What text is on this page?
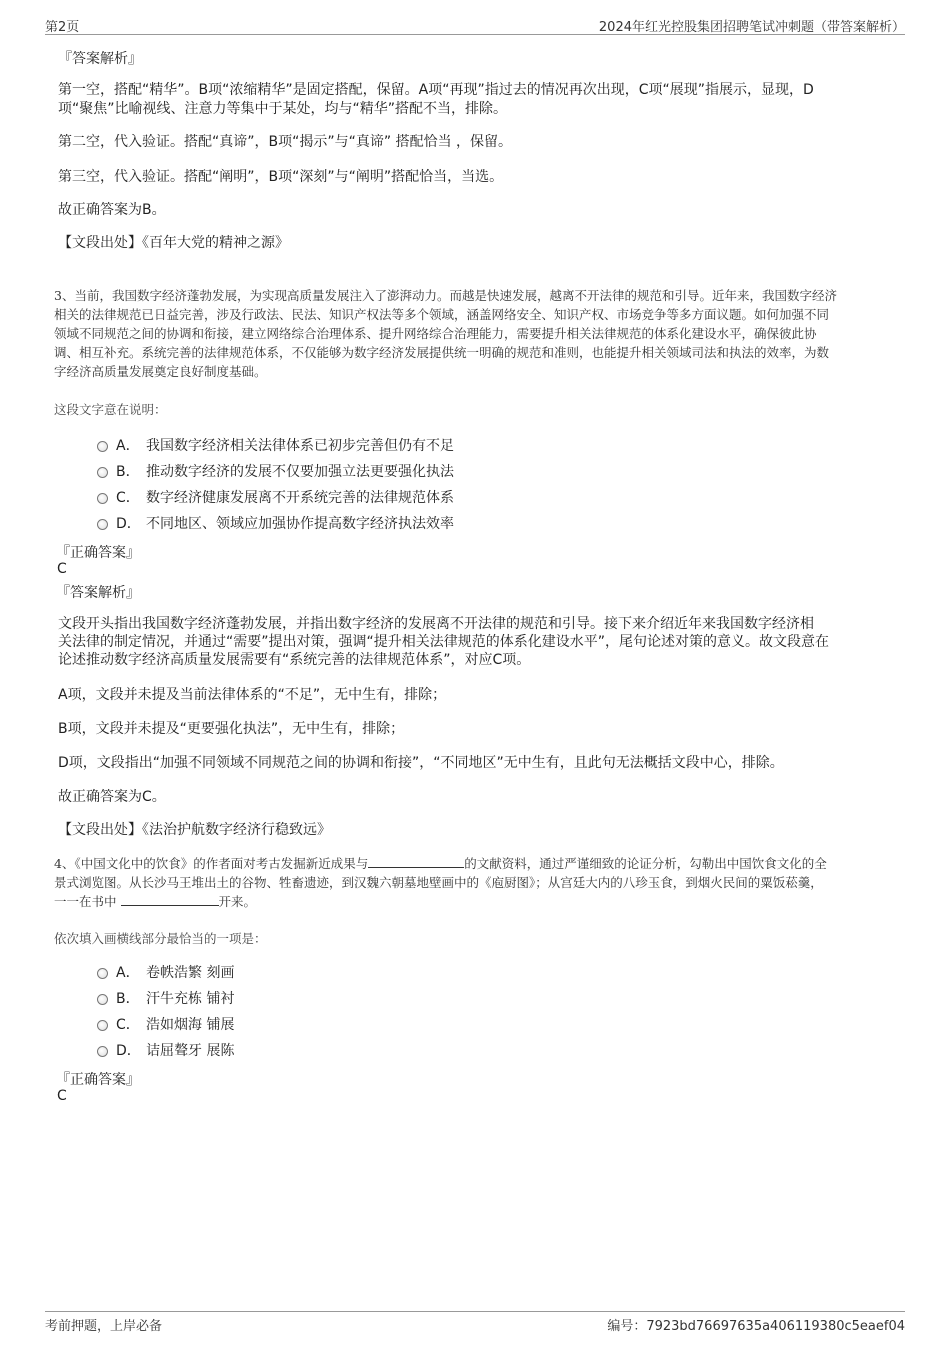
第2页	2024年红光控股集团招聘笔试冲刺题（带答案解析）
『答案解析』
第一空，搭配“精华”。B项“浓缩精华”是固定搭配，保留。A项“再现”指过去的情况再次出现，C项“展现”指展示，显现，D
项“聚焦”比喻视线、注意力等集中于某处，均与“精华”搭配不当，排除。
第二空，代入验证。搭配“真谛”，B项“揭示”与“真谛” 搭配恰当 ，保留。
第三空，代入验证。搭配“阐明”，B项“深刻”与“阐明”搭配恰当，当选。
故正确答案为B。
【文段出处】《百年大党的精神之源》
3、当前，我国数字经济蓬勃发展，为实现高质量发展注入了澎湃动力。而越是快速发展，越离不开法律的规范和引导。近年来，我国数字经济
相关的法律规范已日益完善，涉及行政法、民法、知识产权法等多个领域，涵盖网络安全、知识产权、市场竞争等多方面议题。如何加强不同
领域不同规范之间的协调和衔接，建立网络综合治理体系、提升网络综合治理能力，需要提升相关法律规范的体系化建设水平，确保彼此协
调、相互补充。系统完善的法律规范体系，不仅能够为数字经济发展提供统一明确的规范和准则，也能提升相关领域司法和执法的效率，为数
字经济高质量发展奠定良好制度基础。
这段文字意在说明：
A． 我国数字经济相关法律体系已初步完善但仍有不足
B． 推动数字经济的发展不仅要加强立法更要强化执法
C． 数字经济健康发展离不开系统完善的法律规范体系
D． 不同地区、领域应加强协作提高数字经济执法效率
『正确答案』
C
『答案解析』
文段开头指出我国数字经济蓬勃发展，并指出数字经济的发展离不开法律的规范和引导。接下来介绍近年来我国数字经济相
关法律的制定情况，并通过“需要”提出对策，强调“提升相关法律规范的体系化建设水平”，尾句论述对策的意义。故文段意在
论述推动数字经济高质量发展需要有“系统完善的法律规范体系”，对应C项。
A项，文段并未提及当前法律体系的“不足”，无中生有，排除；
B项，文段并未提及“更要强化执法”，无中生有，排除；
D项，文段指出“加强不同领域不同规范之间的协调和衔接”，“不同地区”无中生有，且此句无法概括文段中心，排除。
故正确答案为C。
【文段出处】《法治护航数字经济行稳致远》
4、《中国文化中的饮食》的作者面对考古发掘新近成果与	的文献资料，通过严谨细致的论证分析，勾勒出中国饮食文化的全
景式浏览图。从长沙马王堆出土的谷物、牲畜遗迹，到汉魏六朝墓地壁画中的《庖厨图》；从宫廷大内的八珍玉食，到烟火民间的粟饭菘羹，
一一在书中	开来。
依次填入画横线部分最恰当的一项是：
A． 卷帙浩繁 刻画
B． 汗牛充栋 铺衬
C． 浩如烟海 铺展
D． 诘屈聱牙 展陈
『正确答案』
C
考前押题，上岸必备	编号：7923bd76697635a406119380c5eaef04
